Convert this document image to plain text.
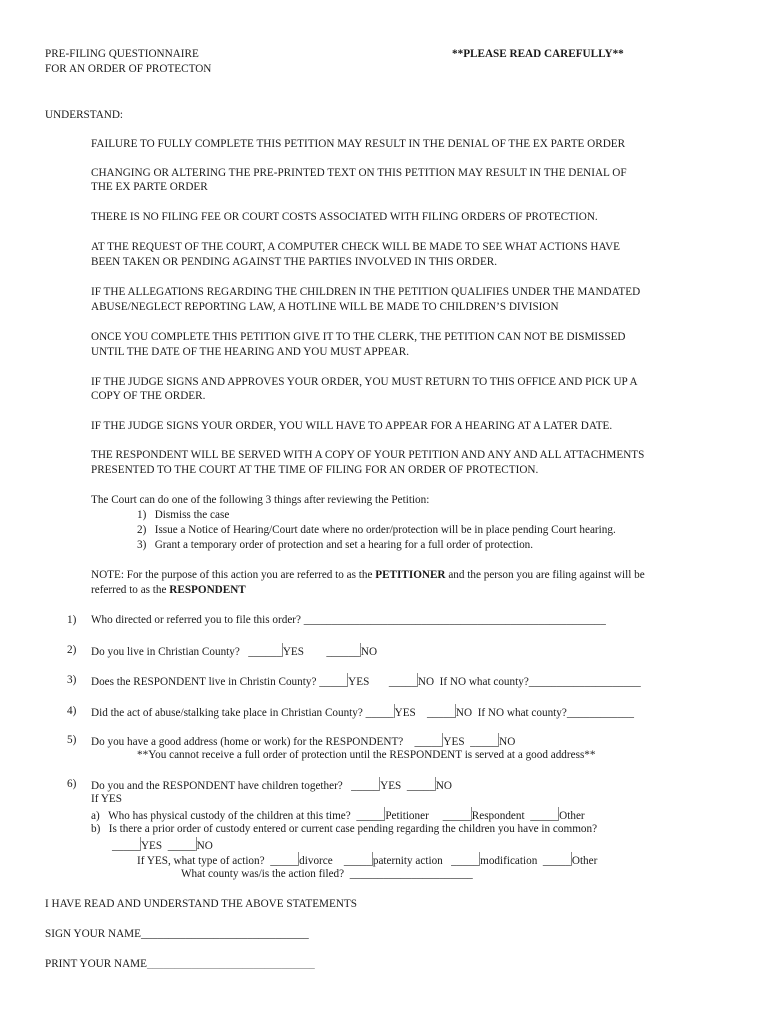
PRE-FILING QUESTIONNAIRE
FOR AN ORDER OF PROTECTON
**PLEASE READ CAREFULLY**
UNDERSTAND:
FAILURE TO FULLY COMPLETE THIS PETITION MAY RESULT IN THE DENIAL OF THE EX PARTE ORDER
CHANGING OR ALTERING THE PRE-PRINTED TEXT ON THIS PETITION MAY RESULT IN THE DENIAL OF
THE EX PARTE ORDER
THERE IS NO FILING FEE OR COURT COSTS ASSOCIATED WITH FILING ORDERS OF PROTECTION.
AT THE REQUEST OF THE COURT, A COMPUTER CHECK WILL BE MADE TO SEE WHAT ACTIONS HAVE
BEEN TAKEN OR PENDING AGAINST THE PARTIES INVOLVED IN THIS ORDER.
IF THE ALLEGATIONS REGARDING THE CHILDREN IN THE PETITION QUALIFIES UNDER THE MANDATED
ABUSE/NEGLECT REPORTING LAW, A HOTLINE WILL BE MADE TO CHILDREN’S DIVISION
ONCE YOU COMPLETE THIS PETITION GIVE IT TO THE CLERK, THE PETITION CAN NOT BE DISMISSED
UNTIL THE DATE OF THE HEARING AND YOU MUST APPEAR.
IF THE JUDGE SIGNS AND APPROVES YOUR ORDER, YOU MUST RETURN TO THIS OFFICE AND PICK UP A
COPY OF THE ORDER.
IF THE JUDGE SIGNS YOUR ORDER, YOU WILL HAVE TO APPEAR FOR A HEARING AT A LATER DATE.
THE RESPONDENT WILL BE SERVED WITH A COPY OF YOUR PETITION AND ANY AND ALL ATTACHMENTS
PRESENTED TO THE COURT AT THE TIME OF FILING FOR AN ORDER OF PROTECTION.
The Court can do one of the following 3 things after reviewing the Petition:
1) Dismiss the case
2) Issue a Notice of Hearing/Court date where no order/protection will be in place pending Court hearing.
3) Grant a temporary order of protection and set a hearing for a full order of protection.
NOTE: For the purpose of this action you are referred to as the PETITIONER and the person you are filing against will be
referred to as the RESPONDENT
1) Who directed or referred you to file this order? ______________________________________________________
2) Do you live in Christian County? ______YES ______NO
3) Does the RESPONDENT live in Christin County? _____YES _____NO If NO what county?____________________
4) Did the act of abuse/stalking take place in Christian County? _____YES _____NO If NO what county?____________
5) Do you have a good address (home or work) for the RESPONDENT? _____YES _____NO
**You cannot receive a full order of protection until the RESPONDENT is served at a good address**
6) Do you and the RESPONDENT have children together? _____YES _____NO
If YES
a) Who has physical custody of the children at this time? _____Petitioner _____Respondent _____Other
b) Is there a prior order of custody entered or current case pending regarding the children you have in common?
_____YES _____NO
If YES, what type of action? _____divorce _____paternity action _____modification _____Other
What county was/is the action filed? ______________________
I HAVE READ AND UNDERSTAND THE ABOVE STATEMENTS
SIGN YOUR NAME______________________________
PRINT YOUR NAME______________________________
